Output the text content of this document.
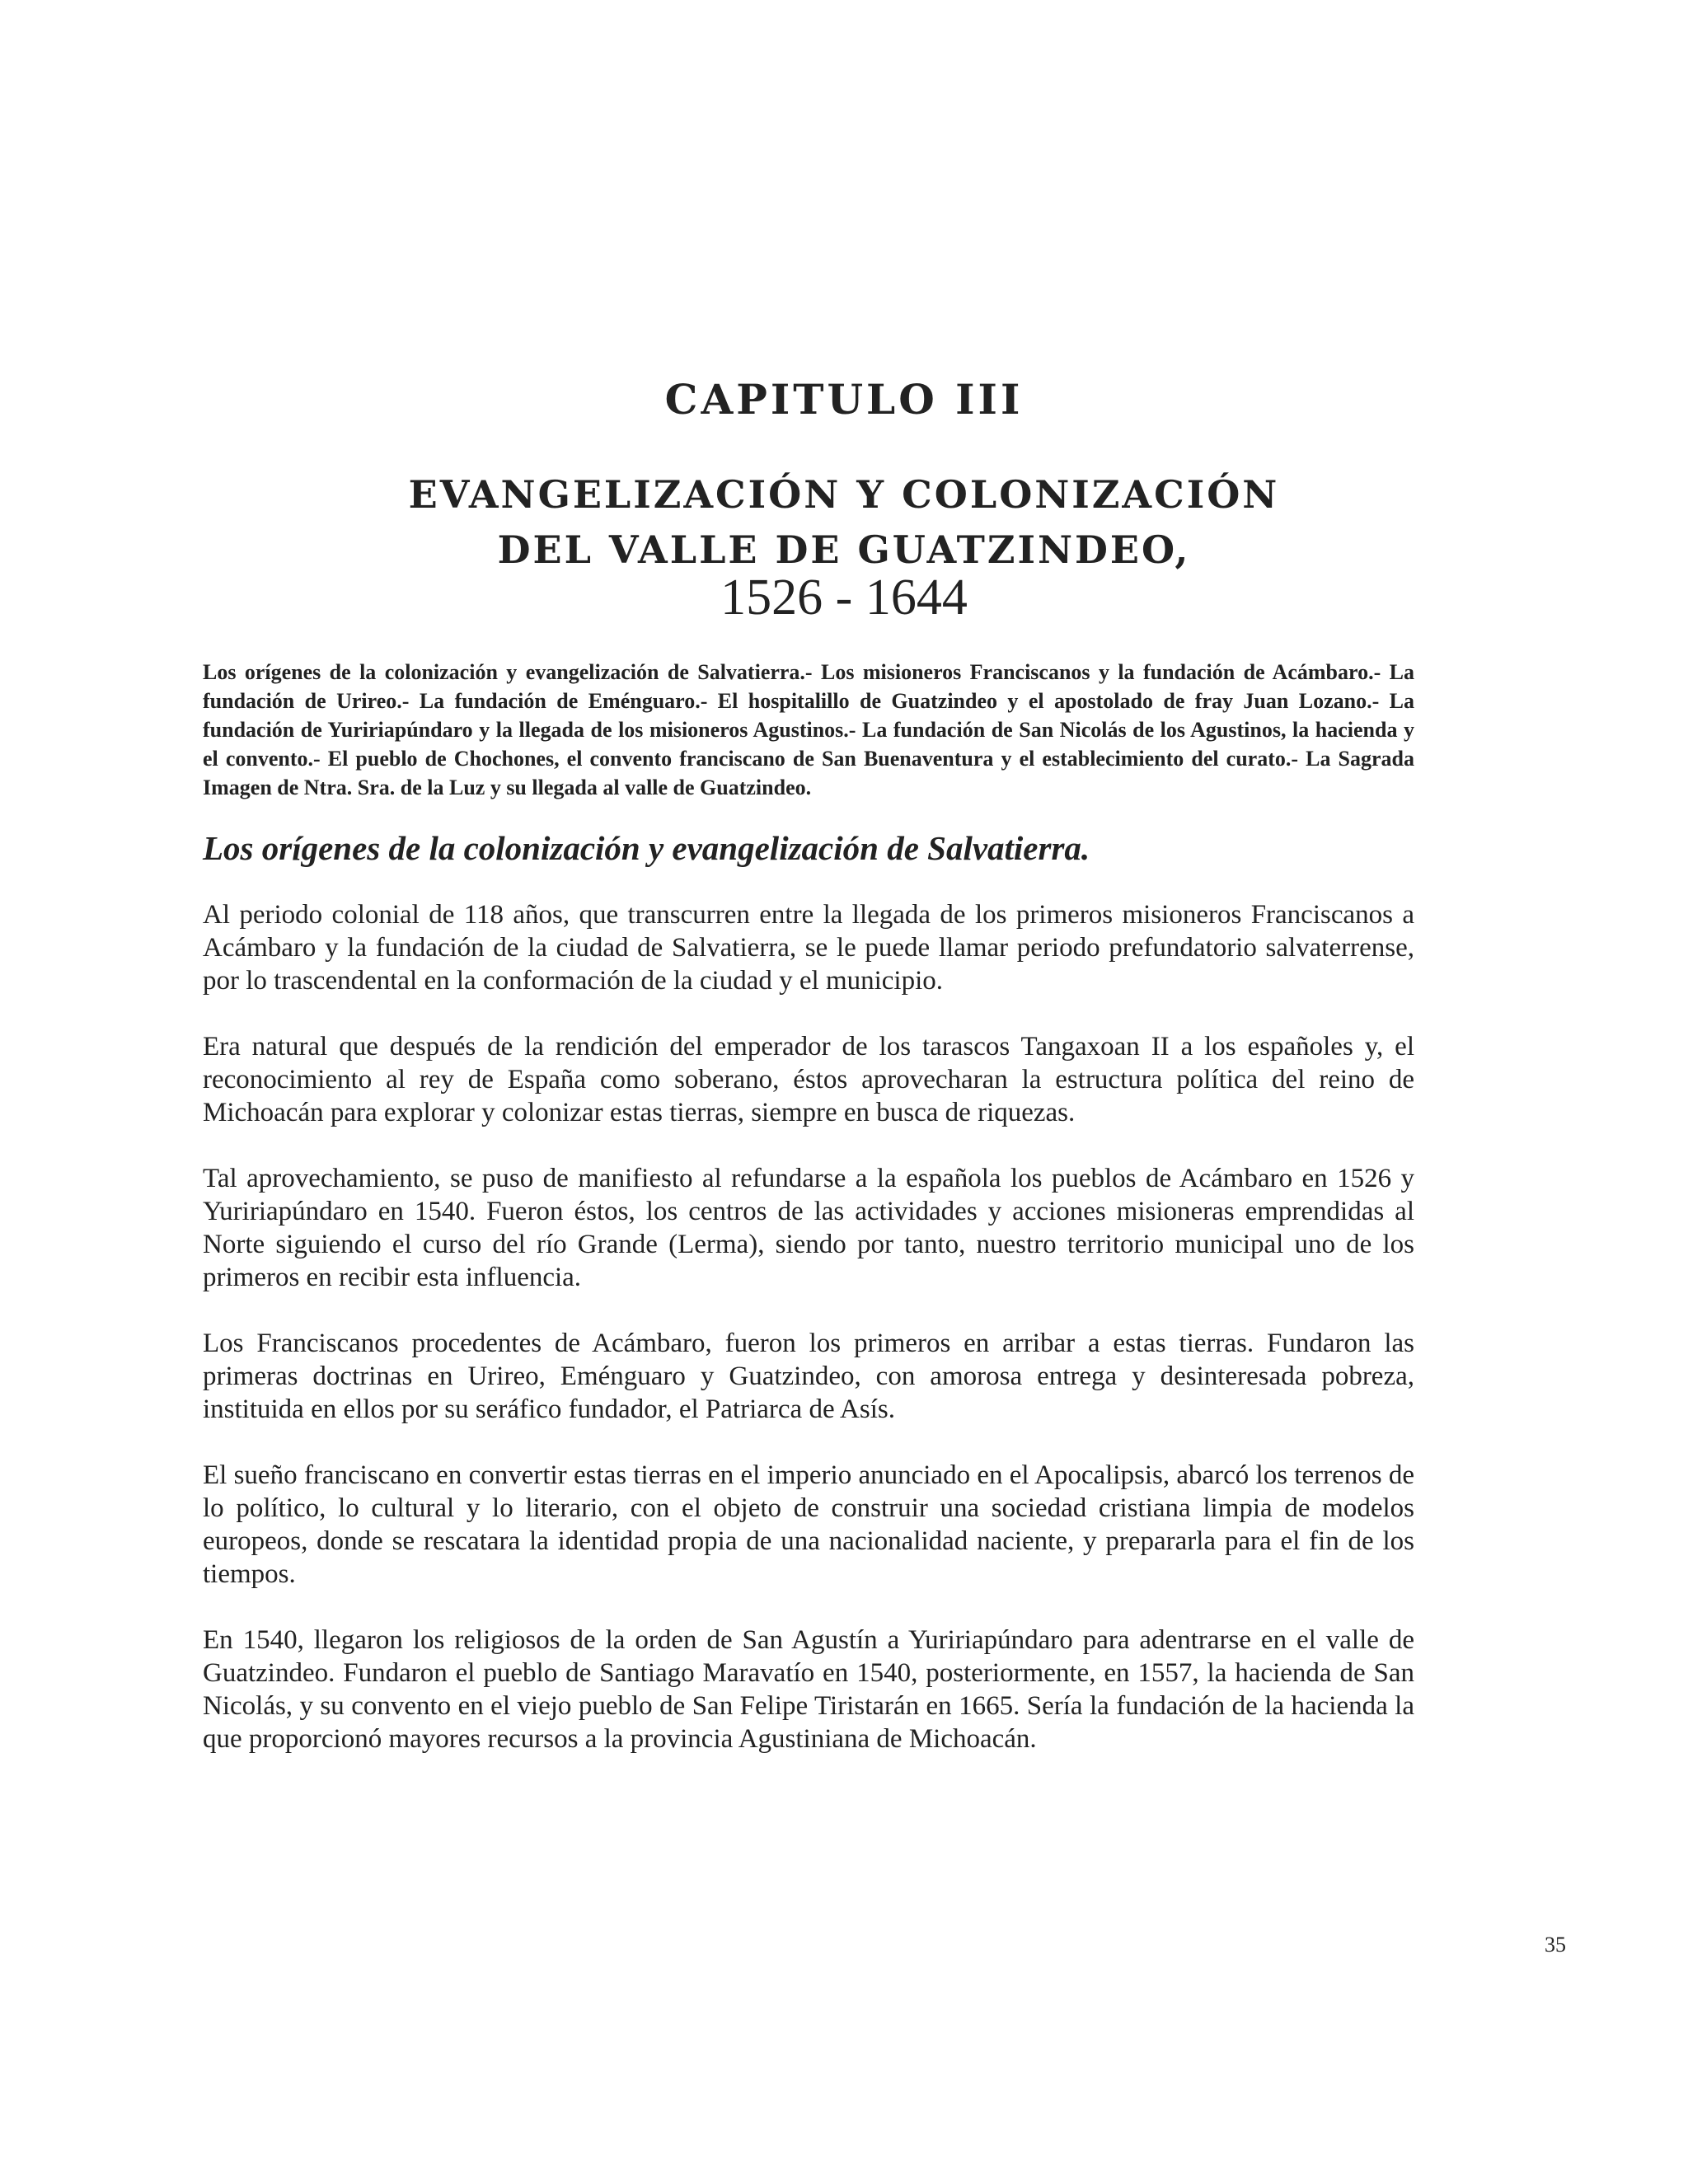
CAPITULO III
EVANGELIZACIÓN Y COLONIZACIÓN
DEL VALLE DE GUATZINDEO,
1526 - 1644

Los orígenes de la colonización y evangelización de Salvatierra.- Los misioneros Franciscanos y la fundación de Acámbaro.- La fundación de Urireo.- La fundación de Eménguaro.- El hospitalillo de Guatzindeo y el apostolado de fray Juan Lozano.- La fundación de Yuririapúndaro y la llegada de los misioneros Agustinos.- La fundación de San Nicolás de los Agustinos, la hacienda y el convento.- El pueblo de Chochones, el convento franciscano de San Buenaventura y el establecimiento del curato.- La Sagrada Imagen de Ntra. Sra. de la Luz y su llegada al valle de Guatzindeo.

Los orígenes de la colonización y evangelización de Salvatierra.

Al periodo colonial de 118 años, que transcurren entre la llegada de los primeros misioneros Franciscanos a Acámbaro y la fundación de la ciudad de Salvatierra, se le puede llamar periodo prefundatorio salvaterrense, por lo trascendental en la conformación de la ciudad y el municipio.

Era natural que después de la rendición del emperador de los tarascos Tangaxoan II a los españoles y, el reconocimiento al rey de España como soberano, éstos aprovecharan la estructura política del reino de Michoacán para explorar y colonizar estas tierras, siempre en busca de riquezas.

Tal aprovechamiento, se puso de manifiesto al refundarse a la española los pueblos de Acámbaro en 1526 y Yuririapúndaro en 1540. Fueron éstos, los centros de las actividades y acciones misioneras emprendidas al Norte siguiendo el curso del río Grande (Lerma), siendo por tanto, nuestro territorio municipal uno de los primeros en recibir esta influencia.

Los Franciscanos procedentes de Acámbaro, fueron los primeros en arribar a estas tierras. Fundaron las primeras doctrinas en Urireo, Eménguaro y Guatzindeo, con amorosa entrega y desinteresada pobreza, instituida en ellos por su seráfico fundador, el Patriarca de Asís.

El sueño franciscano en convertir estas tierras en el imperio anunciado en el Apocalipsis, abarcó los terrenos de lo político, lo cultural y lo literario, con el objeto de construir una sociedad cristiana limpia de modelos europeos, donde se rescatara la identidad propia de una nacionalidad naciente, y prepararla para el fin de los tiempos.

En 1540, llegaron los religiosos de la orden de San Agustín a Yuririapúndaro para adentrarse en el valle de Guatzindeo. Fundaron el pueblo de Santiago Maravatío en 1540, posteriormente, en 1557, la hacienda de San Nicolás, y su convento en el viejo pueblo de San Felipe Tiristarán en 1665. Sería la fundación de la hacienda la que proporcionó mayores recursos a la provincia Agustiniana de Michoacán.

35
